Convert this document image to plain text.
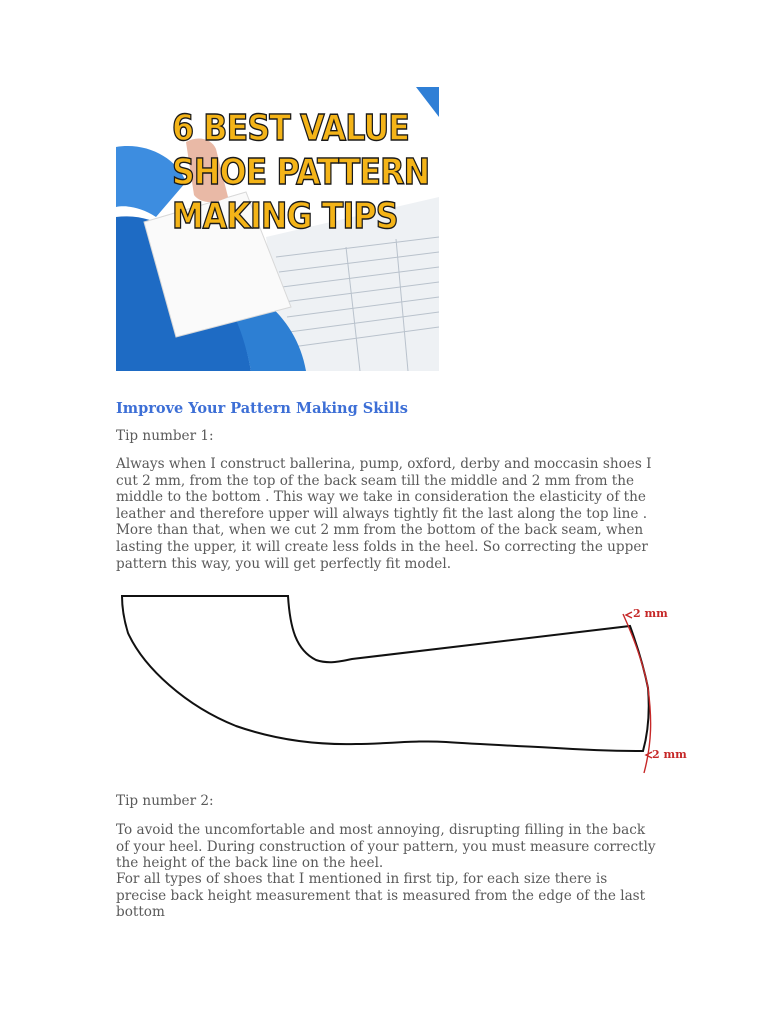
6 BEST VALUE
SHOE PATTERN
MAKING TIPS
Improve Your Pattern Making Skills

Tip number 1:

Always when I construct ballerina, pump, oxford, derby and moccasin shoes I cut 2 mm, from the top of the back seam till the middle and 2 mm from the middle to the bottom . This way we take in consideration the elasticity of the leather and therefore upper will always tightly fit the last along the top line . More than that, when we cut 2 mm from the bottom of the back seam, when lasting the upper, it will create less folds in the heel. So correcting the upper pattern this way, you will get perfectly fit model.

2 mm
2 mm

Tip number 2:

To avoid the uncomfortable and most annoying, disrupting filling in the back of your heel. During construction of your pattern, you must measure correctly the height of the back line on the heel.

For all types of shoes that I mentioned in first tip, for each size there is precise back height measurement that is measured from the edge of the last bottom
